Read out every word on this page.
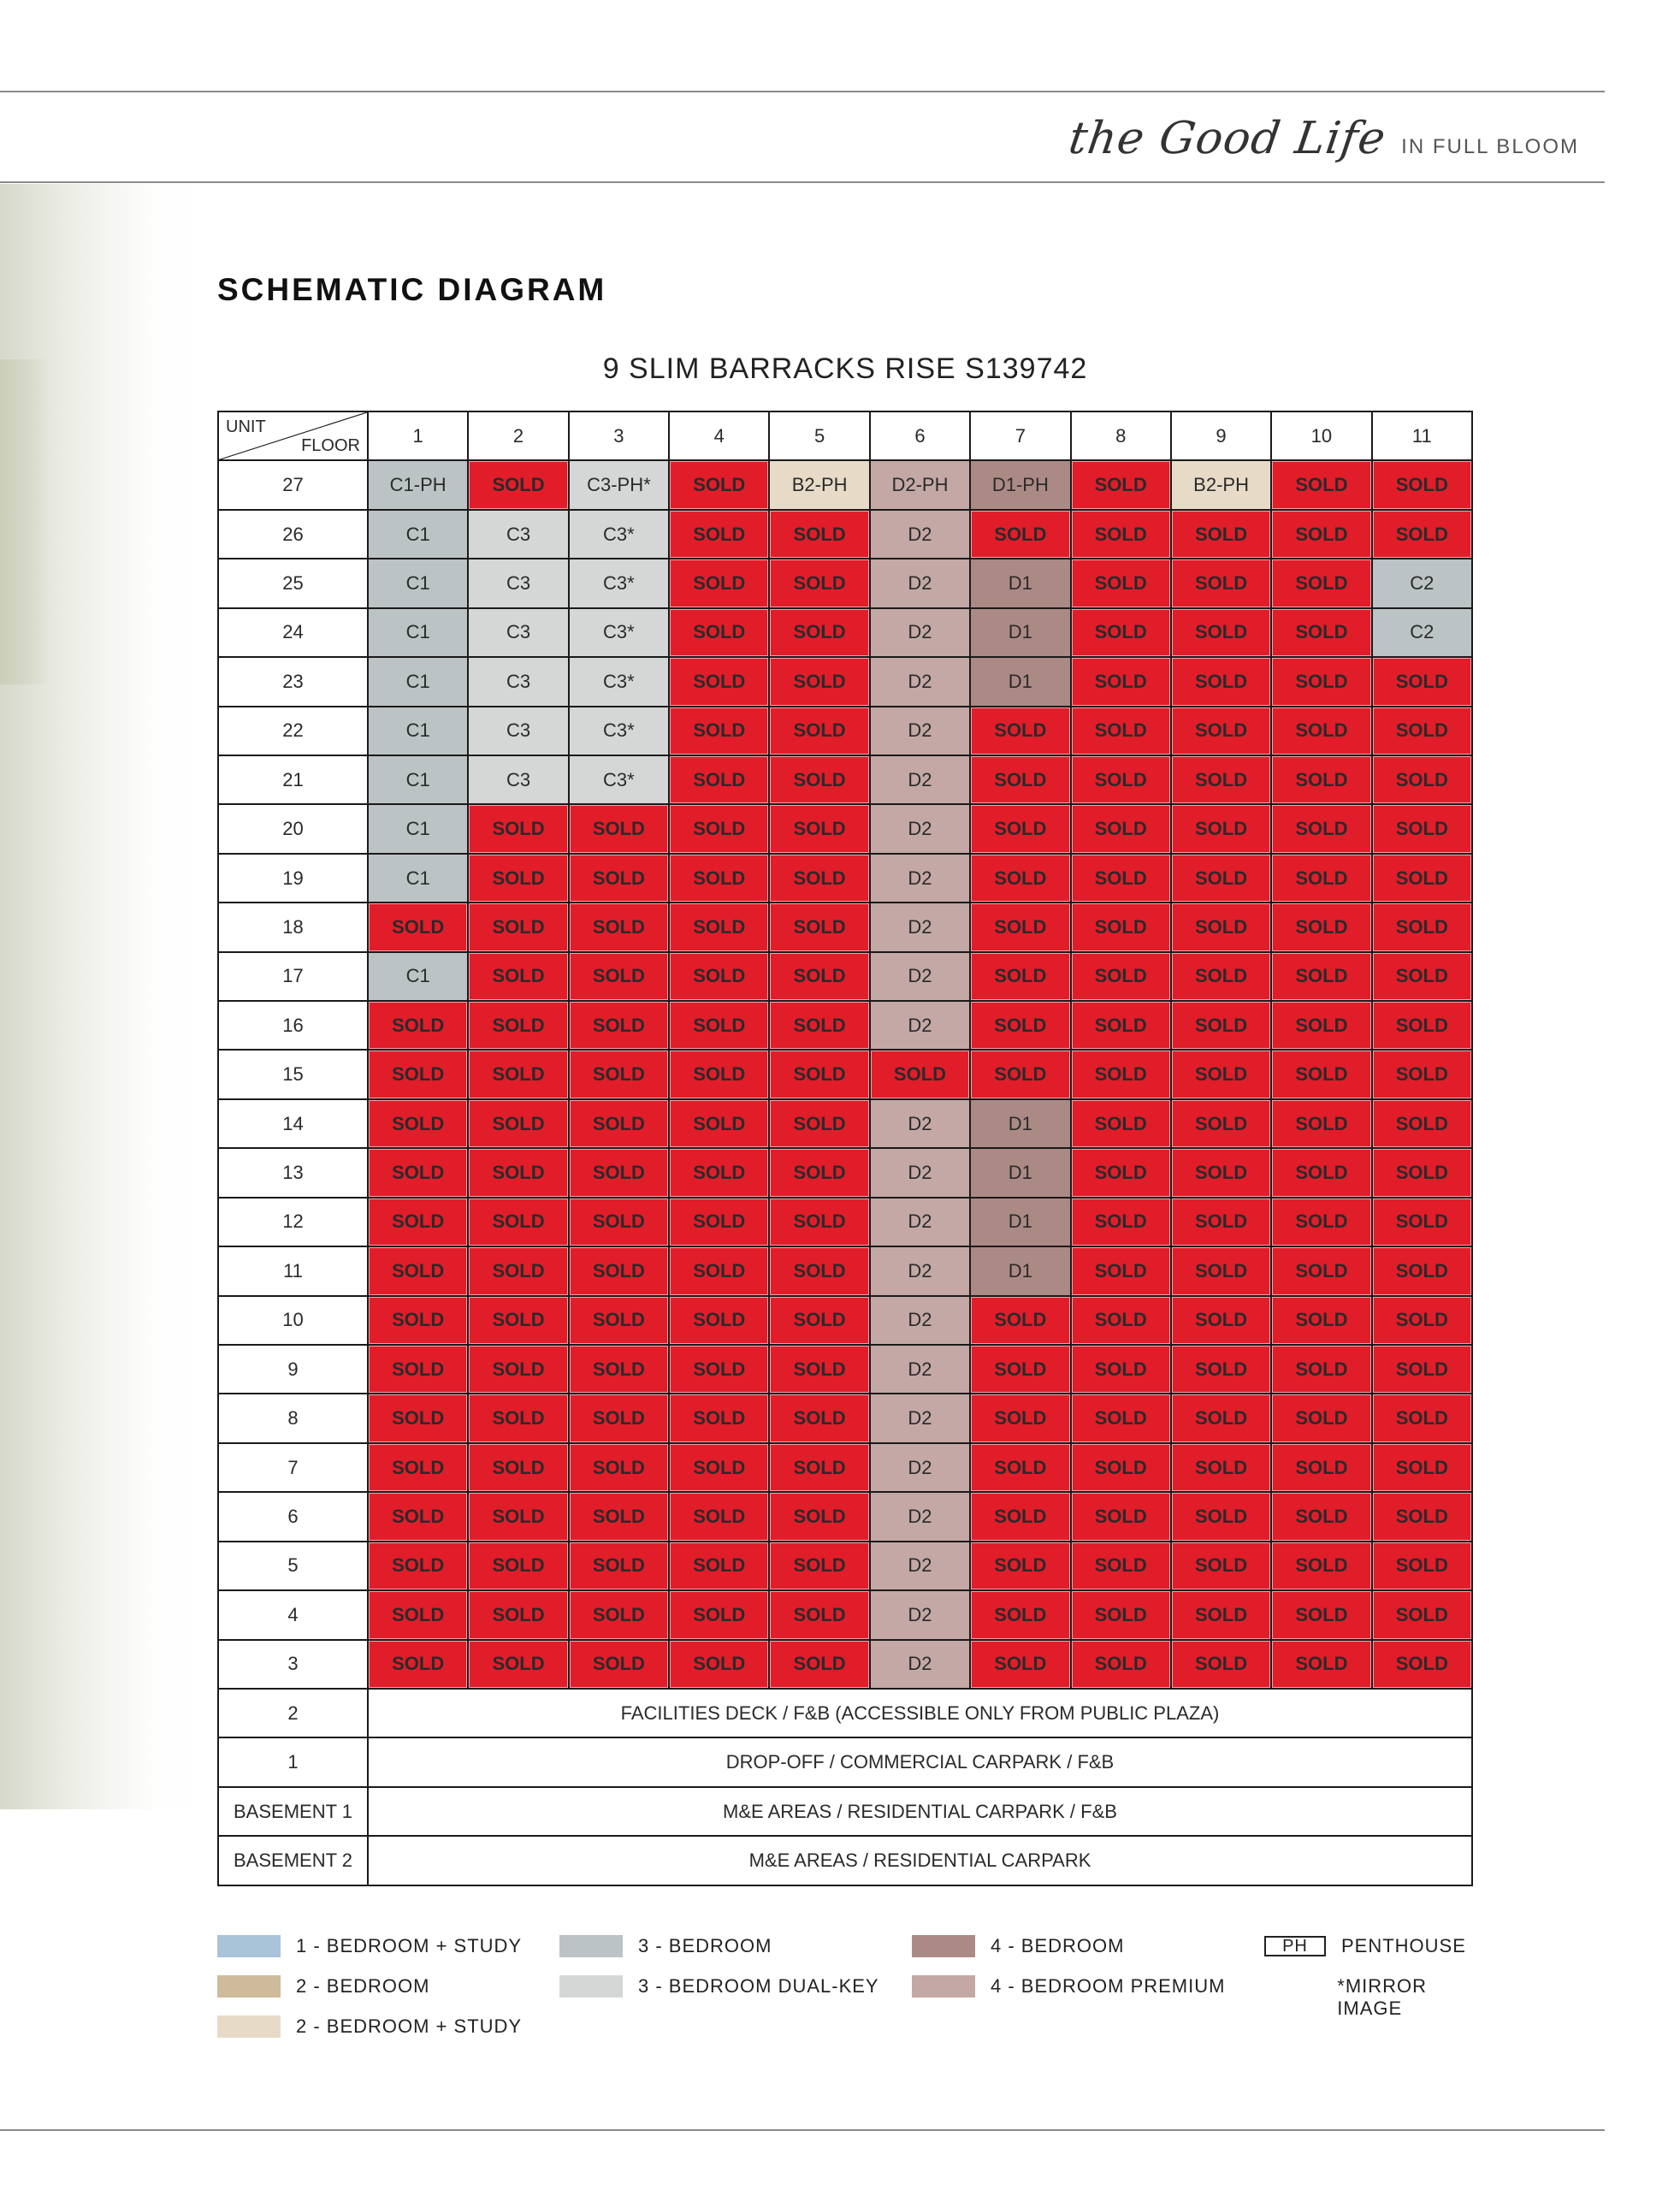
the Good Life IN FULL BLOOM
SCHEMATIC DIAGRAM
9 SLIM BARRACKS RISE S139742
UNIT
FLOOR	1	2	3	4	5	6	7	8	9	10	11
27	C1-PH	SOLD	C3-PH*	SOLD	B2-PH	D2-PH	D1-PH	SOLD	B2-PH	SOLD	SOLD
26	C1	C3	C3*	SOLD	SOLD	D2	SOLD	SOLD	SOLD	SOLD	SOLD
25	C1	C3	C3*	SOLD	SOLD	D2	D1	SOLD	SOLD	SOLD	C2
24	C1	C3	C3*	SOLD	SOLD	D2	D1	SOLD	SOLD	SOLD	C2
23	C1	C3	C3*	SOLD	SOLD	D2	D1	SOLD	SOLD	SOLD	SOLD
22	C1	C3	C3*	SOLD	SOLD	D2	SOLD	SOLD	SOLD	SOLD	SOLD
21	C1	C3	C3*	SOLD	SOLD	D2	SOLD	SOLD	SOLD	SOLD	SOLD
20	C1	SOLD	SOLD	SOLD	SOLD	D2	SOLD	SOLD	SOLD	SOLD	SOLD
19	C1	SOLD	SOLD	SOLD	SOLD	D2	SOLD	SOLD	SOLD	SOLD	SOLD
18	SOLD	SOLD	SOLD	SOLD	SOLD	D2	SOLD	SOLD	SOLD	SOLD	SOLD
17	C1	SOLD	SOLD	SOLD	SOLD	D2	SOLD	SOLD	SOLD	SOLD	SOLD
16	SOLD	SOLD	SOLD	SOLD	SOLD	D2	SOLD	SOLD	SOLD	SOLD	SOLD
15	SOLD	SOLD	SOLD	SOLD	SOLD	SOLD	SOLD	SOLD	SOLD	SOLD	SOLD
14	SOLD	SOLD	SOLD	SOLD	SOLD	D2	D1	SOLD	SOLD	SOLD	SOLD
13	SOLD	SOLD	SOLD	SOLD	SOLD	D2	D1	SOLD	SOLD	SOLD	SOLD
12	SOLD	SOLD	SOLD	SOLD	SOLD	D2	D1	SOLD	SOLD	SOLD	SOLD
11	SOLD	SOLD	SOLD	SOLD	SOLD	D2	D1	SOLD	SOLD	SOLD	SOLD
10	SOLD	SOLD	SOLD	SOLD	SOLD	D2	SOLD	SOLD	SOLD	SOLD	SOLD
9	SOLD	SOLD	SOLD	SOLD	SOLD	D2	SOLD	SOLD	SOLD	SOLD	SOLD
8	SOLD	SOLD	SOLD	SOLD	SOLD	D2	SOLD	SOLD	SOLD	SOLD	SOLD
7	SOLD	SOLD	SOLD	SOLD	SOLD	D2	SOLD	SOLD	SOLD	SOLD	SOLD
6	SOLD	SOLD	SOLD	SOLD	SOLD	D2	SOLD	SOLD	SOLD	SOLD	SOLD
5	SOLD	SOLD	SOLD	SOLD	SOLD	D2	SOLD	SOLD	SOLD	SOLD	SOLD
4	SOLD	SOLD	SOLD	SOLD	SOLD	D2	SOLD	SOLD	SOLD	SOLD	SOLD
3	SOLD	SOLD	SOLD	SOLD	SOLD	D2	SOLD	SOLD	SOLD	SOLD	SOLD
2	FACILITIES DECK / F&B (ACCESSIBLE ONLY FROM PUBLIC PLAZA)										
1	DROP-OFF / COMMERCIAL CARPARK / F&B										
BASEMENT 1	M&E AREAS / RESIDENTIAL CARPARK / F&B										
BASEMENT 2	M&E AREAS / RESIDENTIAL CARPARK										
1 - BEDROOM + STUDY
2 - BEDROOM
2 - BEDROOM + STUDY
3 - BEDROOM
3 - BEDROOM DUAL-KEY
4 - BEDROOM
4 - BEDROOM PREMIUM
PH	PENTHOUSE
*MIRROR IMAGE
